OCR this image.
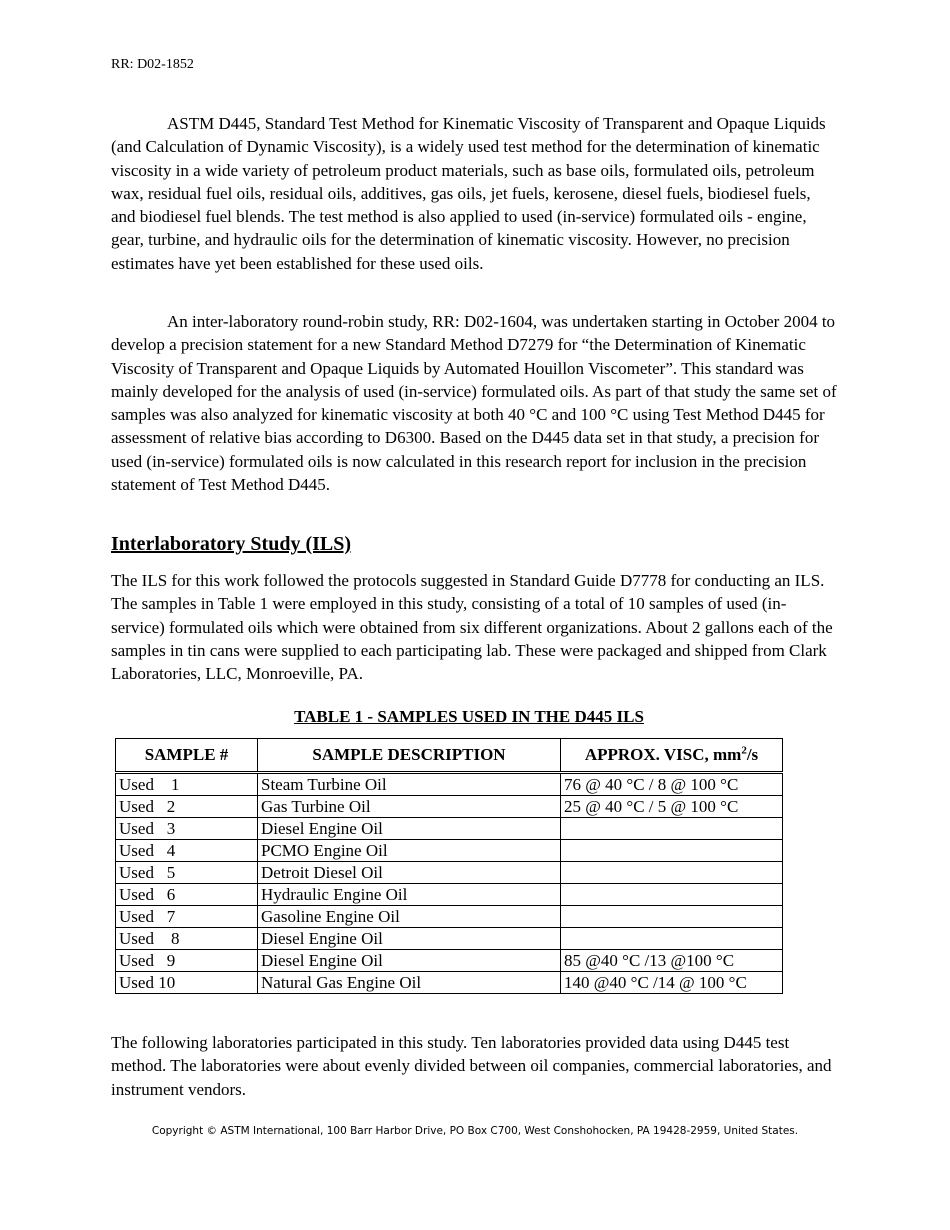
RR: D02-1852

ASTM D445, Standard Test Method for Kinematic Viscosity of Transparent and Opaque Liquids (and Calculation of Dynamic Viscosity), is a widely used test method for the determination of kinematic viscosity in a wide variety of petroleum product materials, such as base oils, formulated oils, petroleum wax, residual fuel oils, residual oils, additives, gas oils, jet fuels, kerosene, diesel fuels, biodiesel fuels, and biodiesel fuel blends. The test method is also applied to used (in-service) formulated oils - engine, gear, turbine, and hydraulic oils for the determination of kinematic viscosity. However, no precision estimates have yet been established for these used oils.

An inter-laboratory round-robin study, RR: D02-1604, was undertaken starting in October 2004 to develop a precision statement for a new Standard Method D7279 for “the Determination of Kinematic Viscosity of Transparent and Opaque Liquids by Automated Houillon Viscometer”. This standard was mainly developed for the analysis of used (in-service) formulated oils. As part of that study the same set of samples was also analyzed for kinematic viscosity at both 40 °C and 100 °C using Test Method D445 for assessment of relative bias according to D6300. Based on the D445 data set in that study, a precision for used (in-service) formulated oils is now calculated in this research report for inclusion in the precision statement of Test Method D445.

Interlaboratory Study (ILS)

The ILS for this work followed the protocols suggested in Standard Guide D7778 for conducting an ILS. The samples in Table 1 were employed in this study, consisting of a total of 10 samples of used (in-service) formulated oils which were obtained from six different organizations. About 2 gallons each of the samples in tin cans were supplied to each participating lab. These were packaged and shipped from Clark Laboratories, LLC, Monroeville, PA.

TABLE 1 - SAMPLES USED IN THE D445 ILS
SAMPLE #	SAMPLE DESCRIPTION	APPROX. VISC, $mm^2/s$
Used    1	Steam Turbine Oil	76 @ 40 °C / 8 @ 100 °C
Used   2	Gas Turbine Oil	25 @ 40 °C / 5 @ 100 °C
Used   3	Diesel Engine Oil	
Used   4	PCMO Engine Oil	
Used   5	Detroit Diesel Oil	
Used   6	Hydraulic Engine Oil	
Used   7	Gasoline Engine Oil	
Used    8	Diesel Engine Oil	
Used   9	Diesel Engine Oil	85 @40 °C /13 @100 °C
Used 10	Natural Gas Engine Oil	140 @40 °C /14 @ 100 °C

The following laboratories participated in this study. Ten laboratories provided data using D445 test method. The laboratories were about evenly divided between oil companies, commercial laboratories, and instrument vendors.

Copyright © ASTM International, 100 Barr Harbor Drive, PO Box C700, West Conshohocken, PA 19428-2959, United States.
